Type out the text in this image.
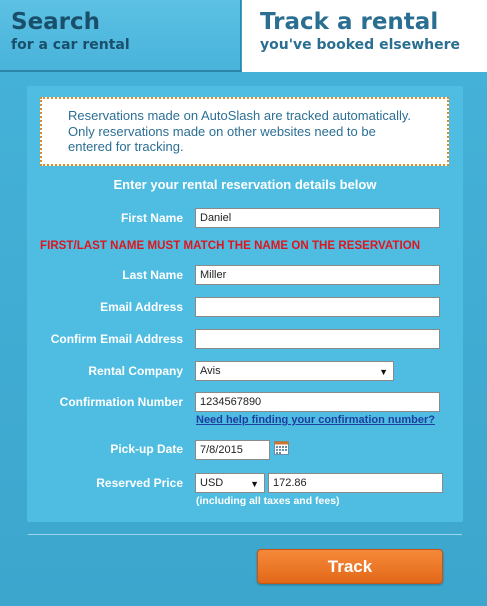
Search
for a car rental
Track a rental
you've booked elsewhere
Reservations made on AutoSlash are tracked automatically.
Only reservations made on other websites need to be
entered for tracking.
Enter your rental reservation details below
First Name	Daniel
FIRST/LAST NAME MUST MATCH THE NAME ON THE RESERVATION
Last Name	Miller
Email Address
Confirm Email Address
Rental Company	Avis	▼
Confirmation Number	1234567890
Need help finding your confirmation number?
Pick-up Date	7/8/2015
Reserved Price	USD	▼	172.86
(including all taxes and fees)
Track
